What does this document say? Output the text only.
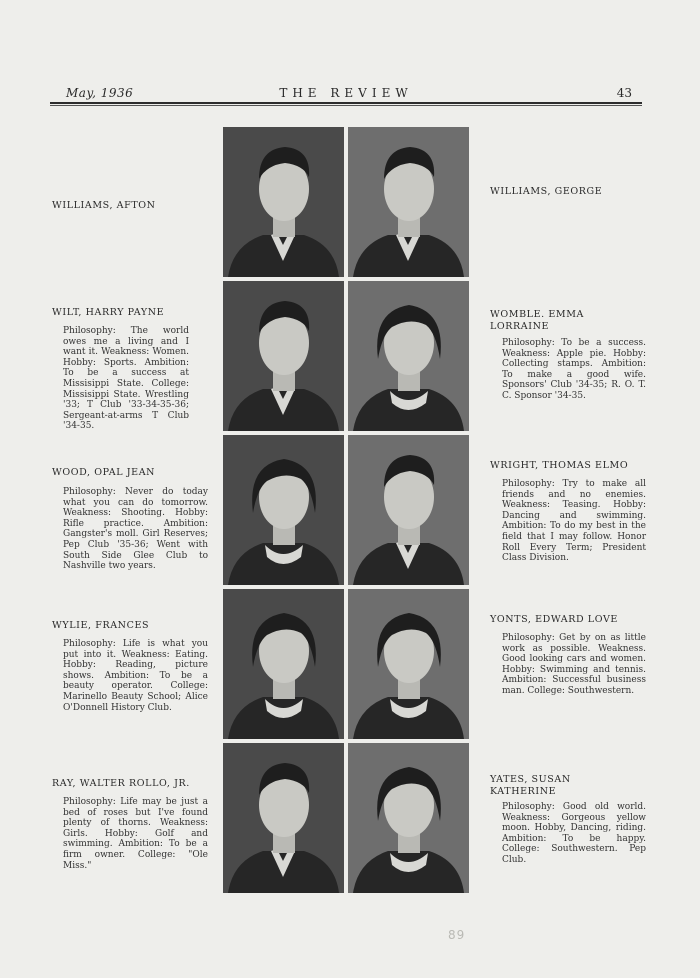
May, 1936	THE REVIEW	43
WILLIAMS, AFTON
WILLIAMS, GEORGE
WILT, HARRY PAYNE
Philosophy: The world owes me a living and I want it. Weakness: Women. Hobby: Sports. Ambition: To be a success at Missisippi State. College: Missisippi State. Wrestling '33; T Club '33-34-35-36; Sergeant-at-arms T Club '34-35.
WOMBLE. EMMA
LORRAINE
Philosophy: To be a success. Weakness: Apple pie. Hobby: Collecting stamps. Ambition: To make a good wife. Sponsors' Club '34-35; R. O. T. C. Sponsor '34-35.
WOOD, OPAL JEAN
Philosophy: Never do today what you can do tomorrow. Weakness: Shooting. Hobby: Rifle practice. Ambition: Gangster's moll. Girl Reserves; Pep Club '35-36; Went with South Side Glee Club to Nashville two years.
WRIGHT, THOMAS ELMO
Philosophy: Try to make all friends and no enemies. Weakness: Teasing. Hobby: Dancing and swimming. Ambition: To do my best in the field that I may follow. Honor Roll Every Term; President Class Division.
WYLIE, FRANCES
Philosophy: Life is what you put into it. Weakness: Eating. Hobby: Reading, picture shows. Ambition: To be a beauty operator. College: Marinello Beauty School; Alice O'Donnell History Club.
YONTS, EDWARD LOVE
Philosophy: Get by on as little work as possible. Weakness. Good looking cars and women. Hobby: Swimming and tennis. Ambition: Successful business man. College: Southwestern.
RAY, WALTER ROLLO, JR.
Philosophy: Life may be just a bed of roses but I've found plenty of thorns. Weakness: Girls. Hobby: Golf and swimming. Ambition: To be a firm owner. College: "Ole Miss."
YATES, SUSAN
KATHERINE
Philosophy: Good old world. Weakness: Gorgeous yellow moon. Hobby, Dancing, riding. Ambition: To be happy. College: Southwestern. Pep Club.
89
